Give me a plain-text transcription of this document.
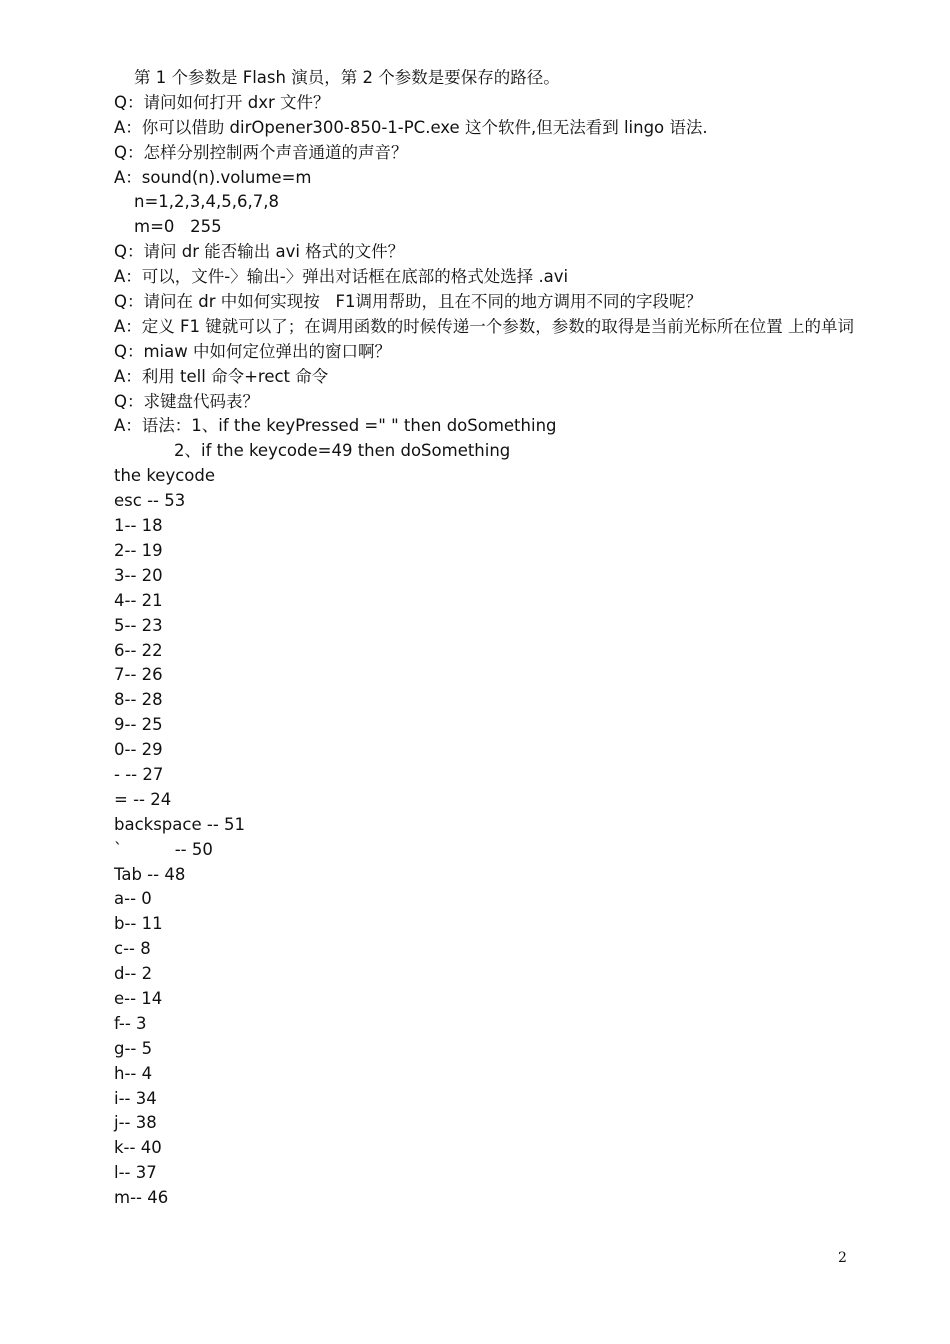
第 1 个参数是 Flash 演员，第 2 个参数是要保存的路径。
Q：请问如何打开 dxr 文件？
A：你可以借助 dirOpener300-850-1-PC.exe 这个软件,但无法看到 lingo 语法.
Q：怎样分别控制两个声音通道的声音？
A：sound(n).volume=m
n=1,2,3,4,5,6,7,8
m=0   255
Q：请问 dr 能否输出 avi 格式的文件？
A：可以，文件-〉输出-〉弹出对话框在底部的格式处选择 .avi
Q：请问在 dr 中如何实现按   F1调用帮助，且在不同的地方调用不同的字段呢？
A：定义 F1 键就可以了；在调用函数的时候传递一个参数，参数的取得是当前光标所在位置 上的单词
Q：miaw 中如何定位弹出的窗口啊？
A：利用 tell 命令+rect 命令
Q：求键盘代码表？
A：语法：1、if the keyPressed =" " then doSomething
2、if the keycode=49 then doSomething
the keycode
esc -- 53
1-- 18
2-- 19
3-- 20
4-- 21
5-- 23
6-- 22
7-- 26
8-- 28
9-- 25
0-- 29
- -- 27
= -- 24
backspace -- 51
`          -- 50
Tab -- 48
a-- 0
b-- 11
c-- 8
d-- 2
e-- 14
f-- 3
g-- 5
h-- 4
i-- 34
j-- 38
k-- 40
l-- 37
m-- 46
2
